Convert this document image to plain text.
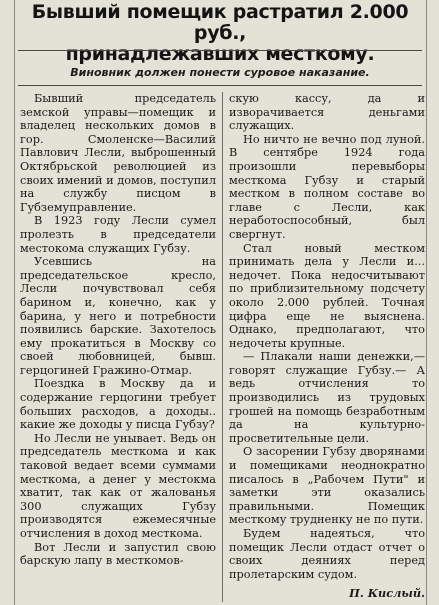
Бывший помещик растратил 2.000 руб.,
принадлежавших месткому.
Виновник должен понести суровое наказание.

Бывший председатель земской управы—помещик и владелец нескольких домов в гор. Смоленске—Василий Павлович Лесли, выброшенный Октябрьской революцией из своих имений и домов, поступил на службу писцом в Губземуправление.

В 1923 году Лесли сумел пролезть в председатели местокома служащих Губзу.

Усевшись на председательское кресло, Лесли почувствовал себя барином и, конечно, как у барина, у него и потребности появились барские. Захотелось ему прокатиться в Москву со своей любовницей, бывш. герцогиней Гражино-Отмар.

Поездка в Москву да и содержание герцогини требует больших расходов, а доходы.. какие же доходы у писца Губзу?

Но Лесли не унывает. Ведь он председатель месткома и как таковой ведает всеми суммами месткома, а денег у местокма хватит, так как от жалованья 300 служащих Губзу производятся ежемесячные отчисления в доход месткома.

Вот Лесли и запустил свою барскую лапу в месткомов-

скую кассу, да и изворачивается деньгами служащих.

Но ничто не вечно под луной. В сентябре 1924 года произошли перевыборы месткома Губзу и старый местком в полном составе во главе с Лесли, как неработоспособный, был свергнут.

Стал новый местком принимать дела у Лесли и... недочет. Пока недосчитывают по приблизительному подсчету около 2.000 рублей. Точная цифра еще не выяснена. Однако, предполагают, что недочеты крупные.

— Плакали наши денежки,—говорят служащие Губзу.— А ведь отчисления то производились из трудовых грошей на помощь безработным да на культурно-просветительные цели.

О засорении Губзу дворянами и помещиками неоднократно писалось в „Рабочем Пути" и заметки эти оказались правильными. Помещик месткому трудненку не по пути.

Будем надеяться, что помещик Лесли отдаст отчет о своих деяниях перед пролетарским судом.

П. Кислый.
